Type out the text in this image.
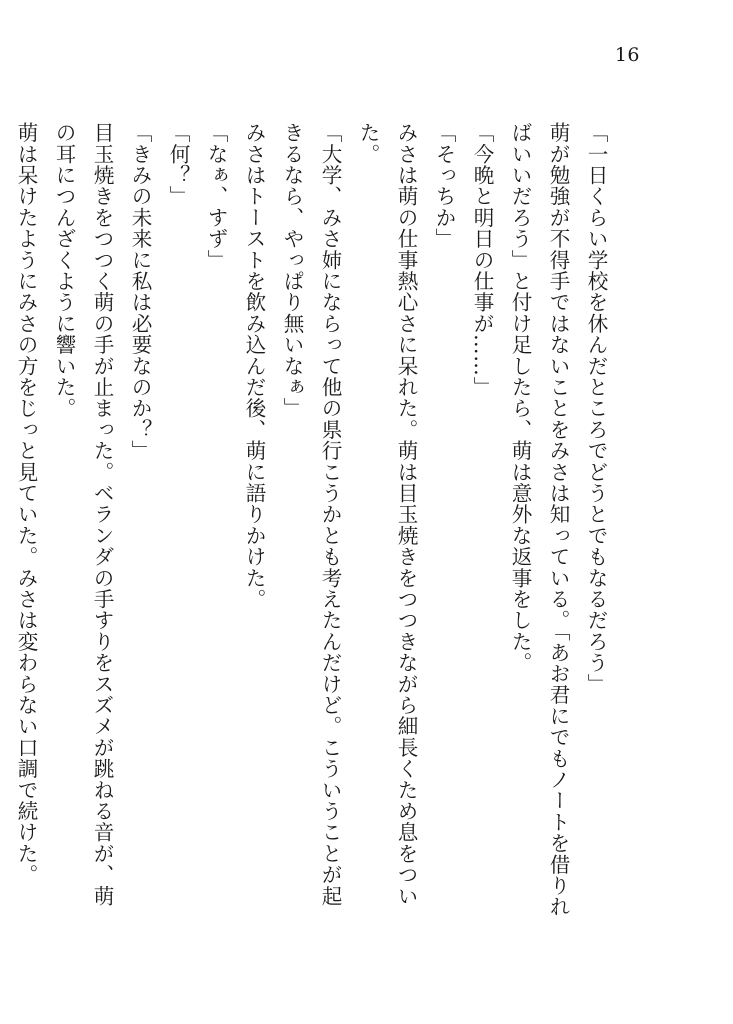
16

「一日くらい学校を休んだところでどうとでもなるだろう」

萌が勉強が不得手ではないことをみさは知っている。「あお君にでもノートを借りればいいだろう」と付け足したら、萌は意外な返事をした。

「今晩と明日の仕事が……」

「そっちか」

みさは萌の仕事熱心さに呆れた。萌は目玉焼きをつつきながら細長くため息をついた。

「大学、みさ姉にならって他の県行こうかとも考えたんだけど。こういうことが起きるなら、やっぱり無いなぁ」

みさはトーストを飲み込んだ後、萌に語りかけた。

「なぁ、すず」

「何？」

「きみの未来に私は必要なのか？」

目玉焼きをつつく萌の手が止まった。ベランダの手すりをスズメが跳ねる音が、萌の耳につんざくように響いた。

萌は呆けたようにみさの方をじっと見ていた。みさは変わらない口調で続けた。
